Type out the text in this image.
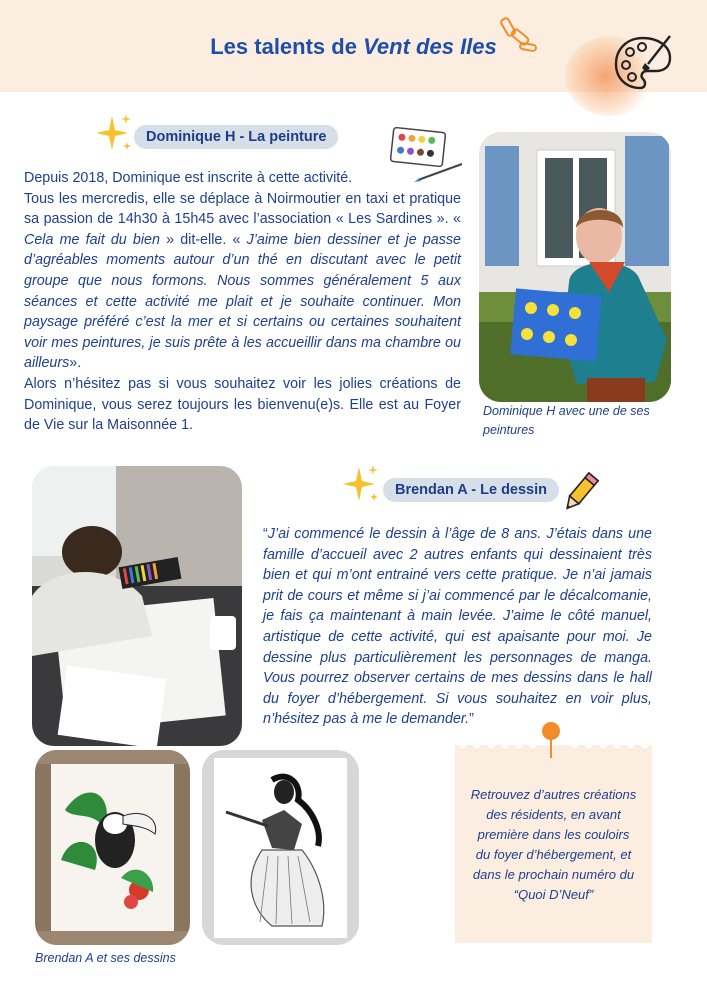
Les talents de Vent des Iles
Dominique H - La peinture

Depuis 2018, Dominique est inscrite à cette activité.

Tous les mercredis, elle se déplace à Noirmoutier en taxi et pratique sa passion de 14h30 à 15h45 avec l’association « Les Sardines ». « Cela me fait du bien » dit-elle. « J’aime bien dessiner et je passe d’agréables moments autour d’un thé en discutant avec le petit groupe que nous formons. Nous sommes généralement 5 aux séances et cette activité me plait et je souhaite continuer. Mon paysage préféré c’est la mer et si certains ou certaines souhaitent voir mes peintures, je suis prête à les accueillir dans ma chambre ou ailleurs».

Alors n’hésitez pas si vous souhaitez voir les jolies créations de Dominique, vous serez toujours les bienvenu(e)s. Elle est au Foyer de Vie sur la Maisonnée 1.

Dominique H avec une de ses peintures
Brendan A - Le dessin

“J’ai commencé le dessin à l’âge de 8 ans. J’étais dans une famille d’accueil avec 2 autres enfants qui dessinaient très bien et qui m’ont entrainé vers cette pratique. Je n’ai jamais prit de cours et même si j’ai commencé par le décalcomanie, je fais ça maintenant à main levée. J’aime le côté manuel, artistique de cette activité, qui est apaisante pour moi. Je dessine plus particulièrement les personnages de manga. Vous pourrez observer certains de mes dessins dans le hall du foyer d’hébergement. Si vous souhaitez en voir plus, n’hésitez pas à me le demander.”

Brendan A et ses dessins
Retrouvez d’autres créations des résidents, en avant première dans les couloirs du foyer d’hébergement, et dans le prochain numéro du “Quoi D’Neuf”
